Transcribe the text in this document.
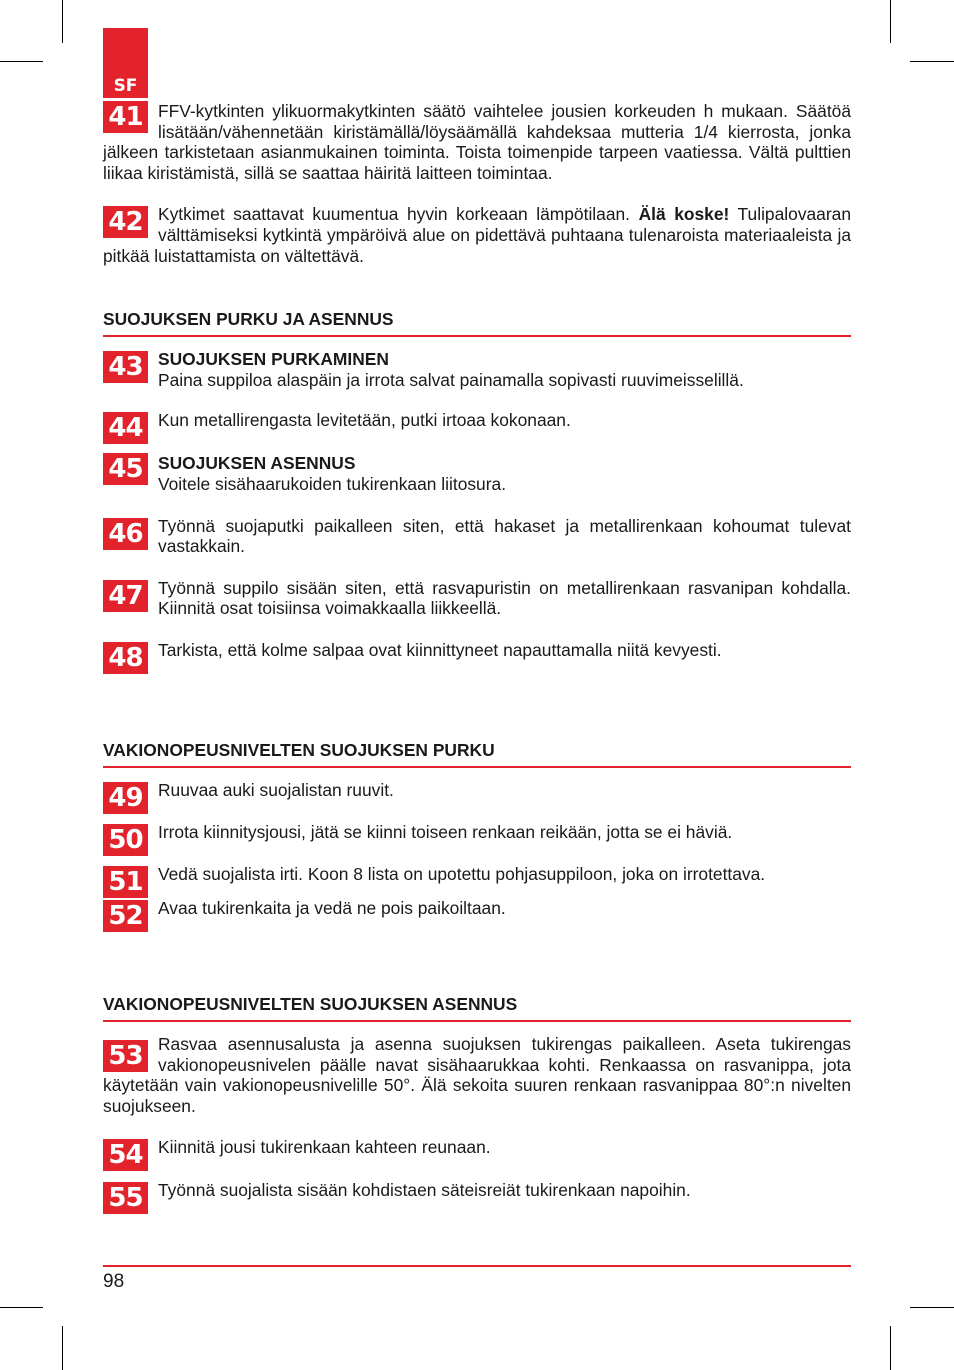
SF
41 FFV-kytkinten ylikuormakytkinten säätö vaihtelee jousien korkeuden h mukaan. Säätöä lisätään/vähennetään kiristämällä/löysäämällä kahdeksaa mutteria 1/4 kierrosta, jonka jälkeen tarkistetaan asianmukainen toiminta. Toista toimenpide tarpeen vaatiessa. Vältä pulttien liikaa kiristämistä, sillä se saattaa häiritä laitteen toimintaa.
42 Kytkimet saattavat kuumentua hyvin korkeaan lämpötilaan. Älä koske! Tulipalovaaran välttämiseksi kytkintä ympäröivä alue on pidettävä puhtaana tulenaroista materiaaleista ja pitkää luistattamista on vältettävä.
SUOJUKSEN PURKU JA ASENNUS
43 SUOJUKSEN PURKAMINEN
Paina suppiloa alaspäin ja irrota salvat painamalla sopivasti ruuvimeisselillä.
44 Kun metallirengasta levitetään, putki irtoaa kokonaan.
45 SUOJUKSEN ASENNUS
Voitele sisähaarukoiden tukirenkaan liitosura.
46 Työnnä suojaputki paikalleen siten, että hakaset ja metallirenkaan kohoumat tulevat vastakkain.
47 Työnnä suppilo sisään siten, että rasvapuristin on metallirenkaan rasvanipan kohdalla. Kiinnitä osat toisiinsa voimakkaalla liikkeellä.
48 Tarkista, että kolme salpaa ovat kiinnittyneet napauttamalla niitä kevyesti.
VAKIONOPEUSNIVELTEN SUOJUKSEN PURKU
49 Ruuvaa auki suojalistan ruuvit.
50 Irrota kiinnitysjousi, jätä se kiinni toiseen renkaan reikään, jotta se ei häviä.
51 Vedä suojalista irti. Koon 8 lista on upotettu pohjasuppiloon, joka on irrotettava.
52 Avaa tukirenkaita ja vedä ne pois paikoiltaan.
VAKIONOPEUSNIVELTEN SUOJUKSEN ASENNUS
53 Rasvaa asennusalusta ja asenna suojuksen tukirengas paikalleen. Aseta tukirengas vakionopeusnivelen päälle navat sisähaarukkaa kohti. Renkaassa on rasvanippa, jota käytetään vain vakionopeusnivelille 50°. Älä sekoita suuren renkaan rasvanippaa 80°:n nivelten suojukseen.
54 Kiinnitä jousi tukirenkaan kahteen reunaan.
55 Työnnä suojalista sisään kohdistaen säteisreiät tukirenkaan napoihin.
98
